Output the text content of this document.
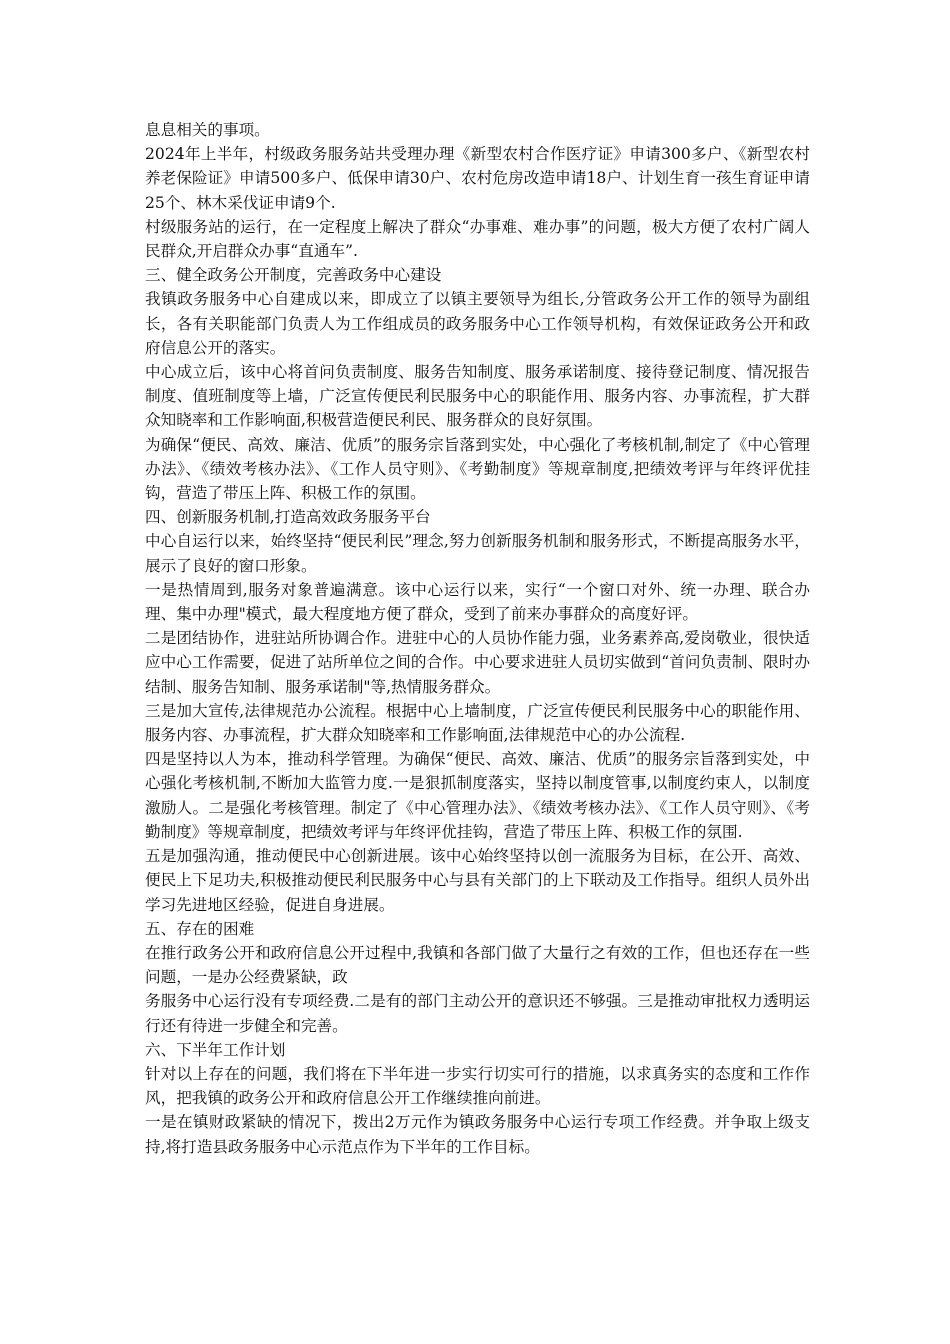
息息相关的事项。

2024年上半年，村级政务服务站共受理办理《新型农村合作医疗证》申请300多户、《新型农村养老保险证》申请500多户、低保申请30户、农村危房改造申请18户、计划生育一孩生育证申请25个、林木采伐证申请9个.

村级服务站的运行，在一定程度上解决了群众“办事难、难办事”的问题，极大方便了农村广阔人民群众,开启群众办事“直通车”.

三、健全政务公开制度，完善政务中心建设

我镇政务服务中心自建成以来，即成立了以镇主要领导为组长,分管政务公开工作的领导为副组长，各有关职能部门负责人为工作组成员的政务服务中心工作领导机构，有效保证政务公开和政府信息公开的落实。

中心成立后，该中心将首问负责制度、服务告知制度、服务承诺制度、接待登记制度、情况报告制度、值班制度等上墙，广泛宣传便民利民服务中心的职能作用、服务内容、办事流程，扩大群众知晓率和工作影响面,积极营造便民利民、服务群众的良好氛围。

为确保“便民、高效、廉洁、优质”的服务宗旨落到实处，中心强化了考核机制,制定了《中心管理办法》、《绩效考核办法》、《工作人员守则》、《考勤制度》等规章制度,把绩效考评与年终评优挂钩，营造了带压上阵、积极工作的氛围。

四、创新服务机制,打造高效政务服务平台

中心自运行以来，始终坚持“便民利民”理念,努力创新服务机制和服务形式，不断提高服务水平，展示了良好的窗口形象。

一是热情周到,服务对象普遍满意。该中心运行以来，实行“一个窗口对外、统一办理、联合办理、集中办理"模式，最大程度地方便了群众，受到了前来办事群众的高度好评。

二是团结协作，进驻站所协调合作。进驻中心的人员协作能力强，业务素养高,爱岗敬业，很快适应中心工作需要，促进了站所单位之间的合作。中心要求进驻人员切实做到“首问负责制、限时办结制、服务告知制、服务承诺制"等,热情服务群众。

三是加大宣传,法律规范办公流程。根据中心上墙制度，广泛宣传便民利民服务中心的职能作用、服务内容、办事流程，扩大群众知晓率和工作影响面,法律规范中心的办公流程.

四是坚持以人为本，推动科学管理。为确保“便民、高效、廉洁、优质”的服务宗旨落到实处，中心强化考核机制,不断加大监管力度.一是狠抓制度落实，坚持以制度管事,以制度约束人，以制度激励人。二是强化考核管理。制定了《中心管理办法》、《绩效考核办法》、《工作人员守则》、《考勤制度》等规章制度，把绩效考评与年终评优挂钩，营造了带压上阵、积极工作的氛围.

五是加强沟通，推动便民中心创新进展。该中心始终坚持以创一流服务为目标，在公开、高效、便民上下足功夫,积极推动便民利民服务中心与县有关部门的上下联动及工作指导。组织人员外出学习先进地区经验，促进自身进展。

五、存在的困难

在推行政务公开和政府信息公开过程中,我镇和各部门做了大量行之有效的工作，但也还存在一些问题，一是办公经费紧缺，政

务服务中心运行没有专项经费.二是有的部门主动公开的意识还不够强。三是推动审批权力透明运行还有待进一步健全和完善。

六、下半年工作计划

针对以上存在的问题，我们将在下半年进一步实行切实可行的措施，以求真务实的态度和工作作风，把我镇的政务公开和政府信息公开工作继续推向前进。

一是在镇财政紧缺的情况下，拨出2万元作为镇政务服务中心运行专项工作经费。并争取上级支持,将打造县政务服务中心示范点作为下半年的工作目标。
